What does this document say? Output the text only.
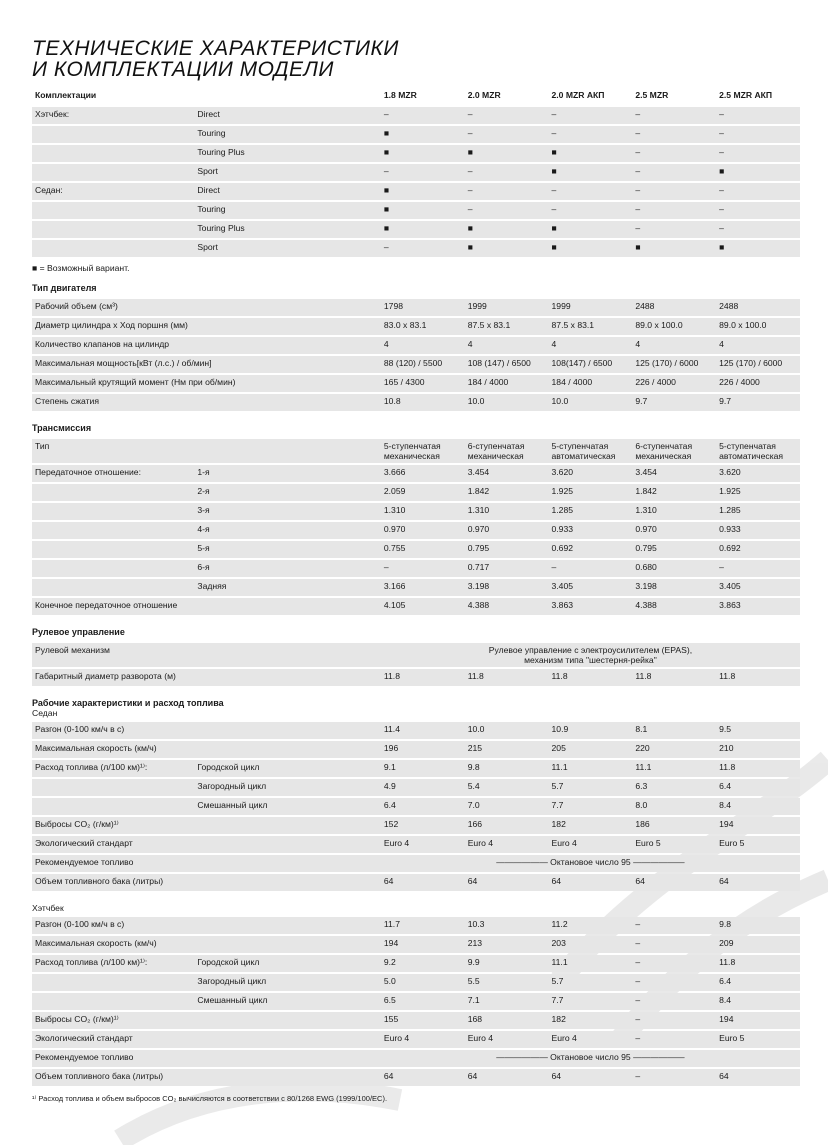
ТЕХНИЧЕСКИЕ ХАРАКТЕРИСТИКИ
И КОМПЛЕКТАЦИИ МОДЕЛИ
Комплектации		1.8 MZR	2.0 MZR	2.0 MZR АКП	2.5 MZR	2.5 MZR АКП
Хэтчбек:	Direct	–	–	–	–	–
	Touring	■	–	–	–	–
	Touring Plus	■	■	■	–	–
	Sport	–	–	■	–	■
Седан:	Direct	■	–	–	–	–
	Touring	■	–	–	–	–
	Touring Plus	■	■	■	–	–
	Sport	–	■	■	■	■
■ = Возможный вариант.
Тип двигателя
Рабочий объем (см³)	1798	1999	1999	2488	2488
Диаметр цилиндра х Ход поршня (мм)	83.0 x 83.1	87.5 x 83.1	87.5 x 83.1	89.0 x 100.0	89.0 x 100.0
Количество клапанов на цилиндр	4	4	4	4	4
Максимальная мощность[кВт (л.с.) / об/мин]	88 (120) / 5500	108 (147) / 6500	108(147) / 6500	125 (170) / 6000	125 (170) / 6000
Максимальный крутящий момент (Нм при об/мин)	165 / 4300	184 / 4000	184 / 4000	226 / 4000	226 / 4000
Степень сжатия	10.8	10.0	10.0	9.7	9.7
Трансмиссия
Тип		5-ступенчатая механическая	6-ступенчатая механическая	5-ступенчатая автоматическая	6-ступенчатая механическая	5-ступенчатая автоматическая
Передаточное отношение:	1-я	3.666	3.454	3.620	3.454	3.620
	2-я	2.059	1.842	1.925	1.842	1.925
	3-я	1.310	1.310	1.285	1.310	1.285
	4-я	0.970	0.970	0.933	0.970	0.933
	5-я	0.755	0.795	0.692	0.795	0.692
	6-я	–	0.717	–	0.680	–
	Задняя	3.166	3.198	3.405	3.198	3.405
Конечное передаточное отношение		4.105	4.388	3.863	4.388	3.863
Рулевое управление
Рулевой механизм	Рулевое управление с электроусилителем (EPAS),
механизм типа "шестерня-рейка"				

Габаритный диаметр разворота (м)	11.8	11.8	11.8	11.8	11.8
Рабочие характеристики и расход топлива
Седан
Разгон (0-100 км/ч в с)		11.4	10.0	10.9	8.1	9.5
Максимальная скорость (км/ч)		196	215	205	220	210
Расход топлива (л/100 км)¹⁾:	Городской цикл	9.1	9.8	11.1	11.1	11.8
	Загородный цикл	4.9	5.4	5.7	6.3	6.4
	Смешанный цикл	6.4	7.0	7.7	8.0	8.4
Выбросы CO₂ (г/км)¹⁾		152	166	182	186	194
Экологический стандарт		Euro 4	Euro 4	Euro 4	Euro 5	Euro 5
Рекомендуемое топливо		—————— Октановое число 95 ——————				
Объем топливного бака (литры)		64	64	64	64	64
Хэтчбек
Разгон (0-100 км/ч в с)		11.7	10.3	11.2	–	9.8
Максимальная скорость (км/ч)		194	213	203	–	209
Расход топлива (л/100 км)¹⁾:	Городской цикл	9.2	9.9	11.1	–	11.8
	Загородный цикл	5.0	5.5	5.7	–	6.4
	Смешанный цикл	6.5	7.1	7.7	–	8.4
Выбросы CO₂ (г/км)¹⁾		155	168	182	–	194
Экологический стандарт		Euro 4	Euro 4	Euro 4	–	Euro 5
Рекомендуемое топливо		—————— Октановое число 95 ——————				
Объем топливного бака (литры)		64	64	64	–	64
¹⁾ Расход топлива и объем выбросов CO₂ вычисляются в соответствии с 80/1268 EWG (1999/100/EC).
